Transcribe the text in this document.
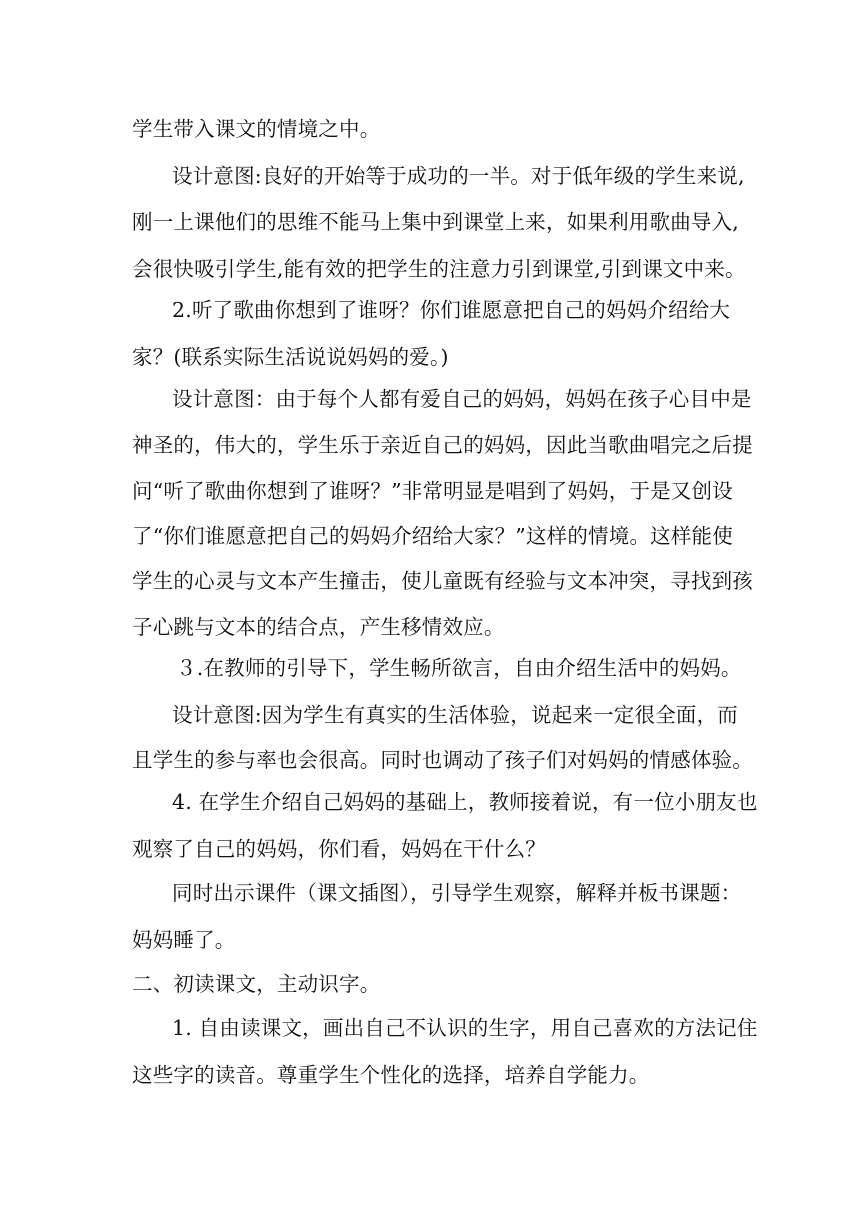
学生带入课文的情境之中。
设计意图:良好的开始等于成功的一半。对于低年级的学生来说,
刚一上课他们的思维不能马上集中到课堂上来，如果利用歌曲导入,
会很快吸引学生,能有效的把学生的注意力引到课堂,引到课文中来。
2.听了歌曲你想到了谁呀？你们谁愿意把自己的妈妈介绍给大
家？(联系实际生活说说妈妈的爱。)
设计意图：由于每个人都有爱自己的妈妈，妈妈在孩子心目中是
神圣的，伟大的，学生乐于亲近自己的妈妈，因此当歌曲唱完之后提
问“听了歌曲你想到了谁呀？”非常明显是唱到了妈妈，于是又创设
了“你们谁愿意把自己的妈妈介绍给大家？”这样的情境。这样能使
学生的心灵与文本产生撞击，使儿童既有经验与文本冲突，寻找到孩
子心跳与文本的结合点，产生移情效应。
３.在教师的引导下，学生畅所欲言，自由介绍生活中的妈妈。
设计意图:因为学生有真实的生活体验，说起来一定很全面，而
且学生的参与率也会很高。同时也调动了孩子们对妈妈的情感体验。
4. 在学生介绍自己妈妈的基础上，教师接着说，有一位小朋友也
观察了自己的妈妈，你们看，妈妈在干什么？
同时出示课件（课文插图），引导学生观察，解释并板书课题：
妈妈睡了。
二、初读课文，主动识字。
1. 自由读课文，画出自己不认识的生字，用自己喜欢的方法记住
这些字的读音。尊重学生个性化的选择，培养自学能力。
